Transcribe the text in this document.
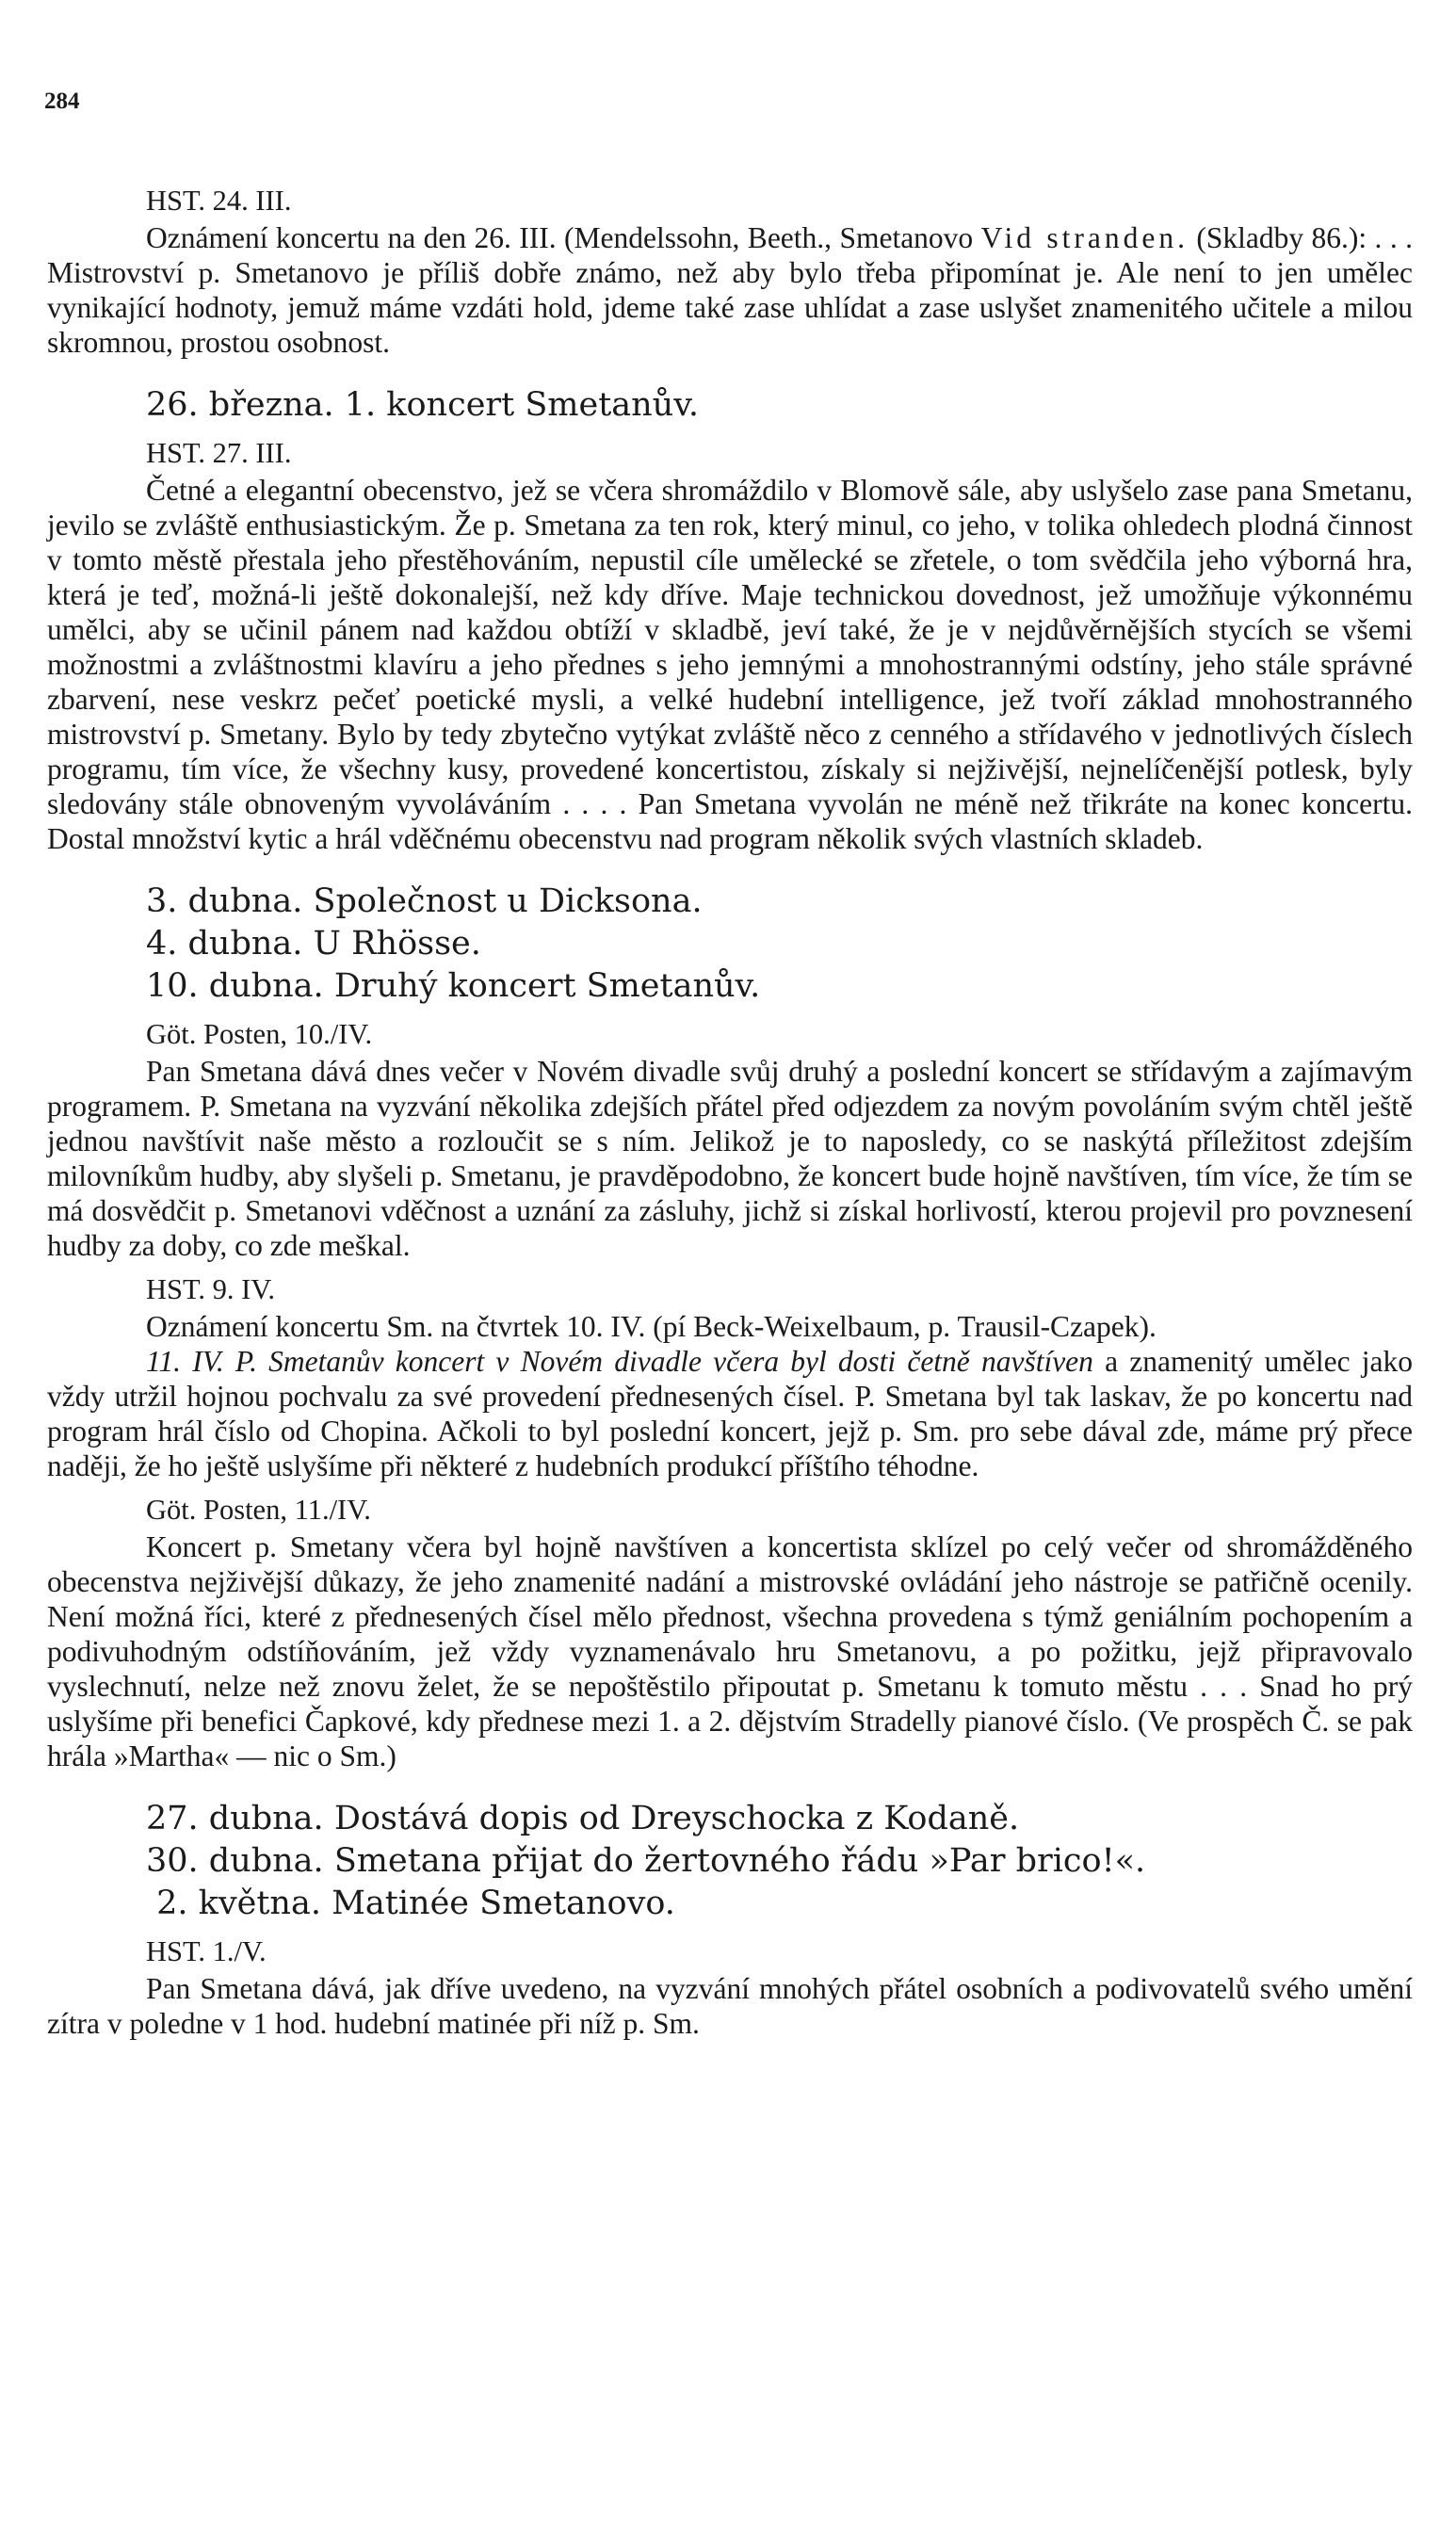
284
HST. 24. III.

Oznámení koncertu na den 26. III. (Mendelssohn, Beeth., Smetanovo Vid stranden. (Skladby 86.): . . . Mistrovství p. Smetanovo je příliš dobře známo, než aby bylo třeba připomínat je. Ale není to jen umělec vynikající hodnoty, jemuž máme vzdáti hold, jdeme také zase uhlídat a zase uslyšet znamenitého učitele a milou skromnou, prostou osobnost.

26. března. 1. koncert Smetanův.
HST. 27. III.

Četné a elegantní obecenstvo, jež se včera shromáždilo v Blomově sále, aby uslyšelo zase pana Smetanu, jevilo se zvláště enthusiastickým. Že p. Smetana za ten rok, který minul, co jeho, v tolika ohledech plodná činnost v tomto městě přestala jeho přestěhováním, nepustil cíle umělecké se zřetele, o tom svědčila jeho výborná hra, která je teď, možná-li ještě dokonalejší, než kdy dříve. Maje technickou dovednost, jež umožňuje výkonnému umělci, aby se učinil pánem nad každou obtíží v skladbě, jeví také, že je v nejdůvěrnějších stycích se všemi možnostmi a zvláštnostmi klavíru a jeho přednes s jeho jemnými a mnohostrannými odstíny, jeho stále správné zbarvení, nese veskrz pečeť poetické mysli, a velké hudební intelligence, jež tvoří základ mnohostranného mistrovství p. Smetany. Bylo by tedy zbytečno vytýkat zvláště něco z cenného a střídavého v jednotlivých číslech programu, tím více, že všechny kusy, provedené koncertistou, získaly si nejživější, nejnelíčenější potlesk, byly sledovány stále obnoveným vyvoláváním . . . . Pan Smetana vyvolán ne méně než třikráte na konec koncertu. Dostal množství kytic a hrál vděčnému obecenstvu nad program několik svých vlastních skladeb.

3. dubna. Společnost u Dicksona.
4. dubna. U Rhösse.
10. dubna. Druhý koncert Smetanův.
Göt. Posten, 10./IV.

Pan Smetana dává dnes večer v Novém divadle svůj druhý a poslední koncert se střídavým a zajímavým programem. P. Smetana na vyzvání několika zdejších přátel před odjezdem za novým povoláním svým chtěl ještě jednou navštívit naše město a rozloučit se s ním. Jelikož je to naposledy, co se naskýtá příležitost zdejším milovníkům hudby, aby slyšeli p. Smetanu, je pravděpodobno, že koncert bude hojně navštíven, tím více, že tím se má dosvědčit p. Smetanovi vděčnost a uznání za zásluhy, jichž si získal horlivostí, kterou projevil pro povznesení hudby za doby, co zde meškal.

HST. 9. IV.

Oznámení koncertu Sm. na čtvrtek 10. IV. (pí Beck-Weixelbaum, p. Trausil-Czapek).

11. IV. P. Smetanův koncert v Novém divadle včera byl dosti četně navštíven a znamenitý umělec jako vždy utržil hojnou pochvalu za své provedení přednesených čísel. P. Smetana byl tak laskav, že po koncertu nad program hrál číslo od Chopina. Ačkoli to byl poslední koncert, jejž p. Sm. pro sebe dával zde, máme prý přece naději, že ho ještě uslyšíme při některé z hudebních produkcí příštího téhodne.

Göt. Posten, 11./IV.

Koncert p. Smetany včera byl hojně navštíven a koncertista sklízel po celý večer od shromážděného obecenstva nejživější důkazy, že jeho znamenité nadání a mistrovské ovládání jeho nástroje se patřičně ocenily. Není možná říci, které z přednesených čísel mělo přednost, všechna provedena s týmž geniálním pochopením a podivuhodným odstíňováním, jež vždy vyznamenávalo hru Smetanovu, a po požitku, jejž připravovalo vyslechnutí, nelze než znovu želet, že se nepoštěstilo připoutat p. Smetanu k tomuto městu . . . Snad ho prý uslyšíme při benefici Čapkové, kdy přednese mezi 1. a 2. dějstvím Stradelly pianové číslo. (Ve prospěch Č. se pak hrála »Martha« — nic o Sm.)

27. dubna. Dostává dopis od Dreyschocka z Kodaně.
30. dubna. Smetana přijat do žertovného řádu »Par brico!«.
2. května. Matinée Smetanovo.
HST. 1./V.

Pan Smetana dává, jak dříve uvedeno, na vyzvání mnohých přátel osobních a podivovatelů svého umění zítra v poledne v 1 hod. hudební matinée při níž p. Sm.
